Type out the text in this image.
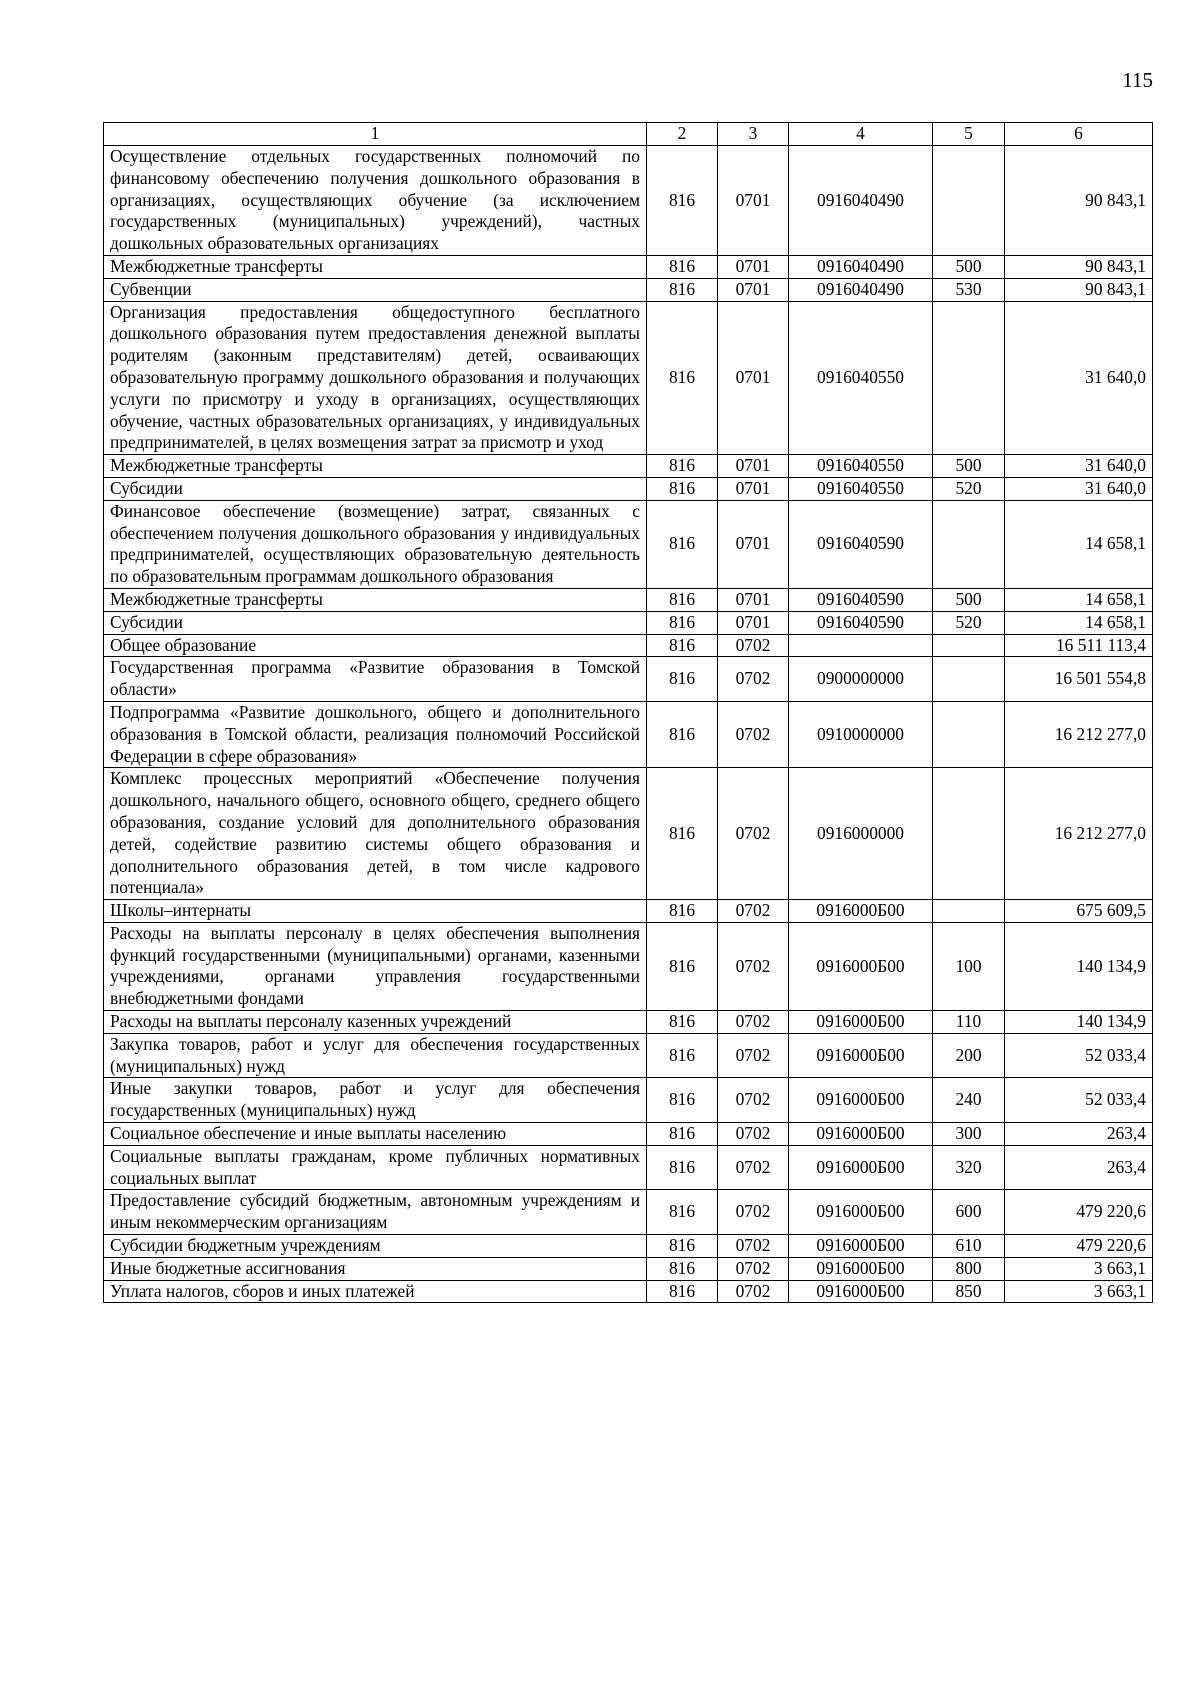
115
1	2	3	4	5	6
Осуществление отдельных государственных полномочий по финансовому обеспечению получения дошкольного образования в организациях, осуществляющих обучение (за исключением государственных (муниципальных) учреждений), частных дошкольных образовательных организациях	816	0701	0916040490		90 843,1
Межбюджетные трансферты	816	0701	0916040490	500	90 843,1
Субвенции	816	0701	0916040490	530	90 843,1
Организация предоставления общедоступного бесплатного дошкольного образования путем предоставления денежной выплаты родителям (законным представителям) детей, осваивающих образовательную программу дошкольного образования и получающих услуги по присмотру и уходу в организациях, осуществляющих обучение, частных образовательных организациях, у индивидуальных предпринимателей, в целях возмещения затрат за присмотр и уход	816	0701	0916040550		31 640,0
Межбюджетные трансферты	816	0701	0916040550	500	31 640,0
Субсидии	816	0701	0916040550	520	31 640,0
Финансовое обеспечение (возмещение) затрат, связанных с обеспечением получения дошкольного образования у индивидуальных предпринимателей, осуществляющих образовательную деятельность по образовательным программам дошкольного образования	816	0701	0916040590		14 658,1
Межбюджетные трансферты	816	0701	0916040590	500	14 658,1
Субсидии	816	0701	0916040590	520	14 658,1
Общее образование	816	0702			16 511 113,4
Государственная программа «Развитие образования в Томской области»	816	0702	0900000000		16 501 554,8
Подпрограмма «Развитие дошкольного, общего и дополнительного образования в Томской области, реализация полномочий Российской Федерации в сфере образования»	816	0702	0910000000		16 212 277,0
Комплекс процессных мероприятий «Обеспечение получения дошкольного, начального общего, основного общего, среднего общего образования, создание условий для дополнительного образования детей, содействие развитию системы общего образования и дополнительного образования детей, в том числе кадрового потенциала»	816	0702	0916000000		16 212 277,0
Школы–интернаты	816	0702	0916000Б00		675 609,5
Расходы на выплаты персоналу в целях обеспечения выполнения функций государственными (муниципальными) органами, казенными учреждениями, органами управления государственными внебюджетными фондами	816	0702	0916000Б00	100	140 134,9
Расходы на выплаты персоналу казенных учреждений	816	0702	0916000Б00	110	140 134,9
Закупка товаров, работ и услуг для обеспечения государственных (муниципальных) нужд	816	0702	0916000Б00	200	52 033,4
Иные закупки товаров, работ и услуг для обеспечения государственных (муниципальных) нужд	816	0702	0916000Б00	240	52 033,4
Социальное обеспечение и иные выплаты населению	816	0702	0916000Б00	300	263,4
Социальные выплаты гражданам, кроме публичных нормативных социальных выплат	816	0702	0916000Б00	320	263,4
Предоставление субсидий бюджетным, автономным учреждениям и иным некоммерческим организациям	816	0702	0916000Б00	600	479 220,6
Субсидии бюджетным учреждениям	816	0702	0916000Б00	610	479 220,6
Иные бюджетные ассигнования	816	0702	0916000Б00	800	3 663,1
Уплата налогов, сборов и иных платежей	816	0702	0916000Б00	850	3 663,1
